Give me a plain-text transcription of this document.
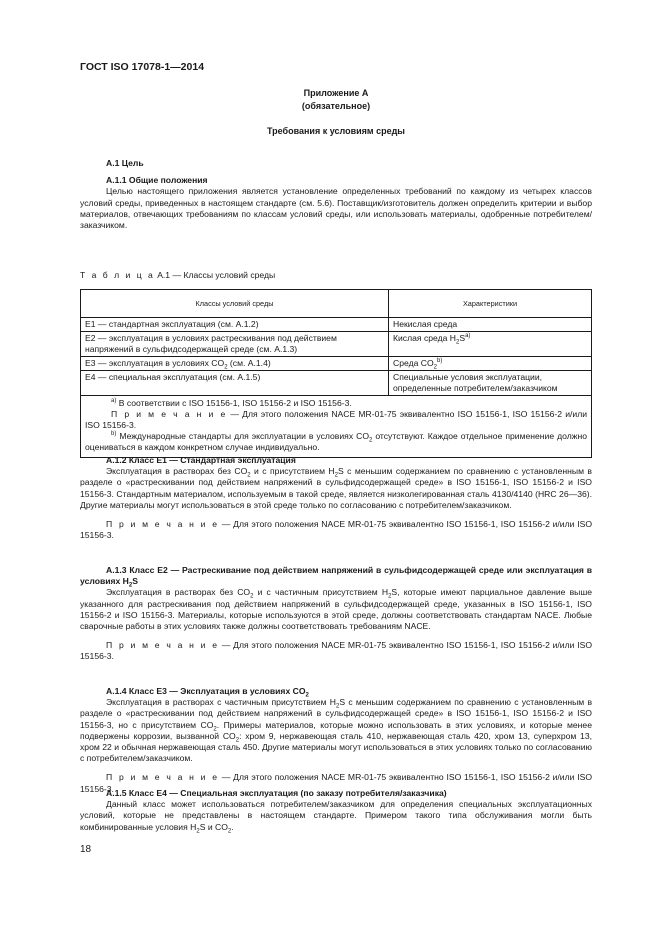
ГОСТ ISO 17078-1—2014
Приложение А
(обязательное)
Требования к условиям среды

А.1 Цель

А.1.1 Общие положения

Целью настоящего приложения является установление определенных требований по каждому из четырех классов условий среды, приведенных в настоящем стандарте (см. 5.6). Поставщик/изготовитель должен определить критерии и выбор материалов, отвечающих требованиям по классам условий среды, или использовать материалы, одобренные потребителем/заказчиком.

Т а б л и ц а А.1 — Классы условий среды

Классы условий среды	Характеристики
Е1 — стандартная эксплуатация (см. А.1.2)	Некислая среда
Е2 — эксплуатация в условиях растрескивания под действием напряжений в сульфидсодержащей среде (см. А.1.3)	Кислая среда $H_2S^{a)}$
Е3 — эксплуатация в условиях $CO_2$ (см. А.1.4)	Среда $CO_2^{b)}$
Е4 — специальная эксплуатация (см. А.1.5)	Специальные условия эксплуатации, определенные потребителем/заказчиком

$^{a)}$ В соответствии с ISO 15156-1, ISO 15156-2 и ISO 15156-3.

П р и м е ч а н и е — Для этого положения NACE MR-01-75 эквивалентно ISO 15156-1, ISO 15156-2 и/или ISO 15156-3.

$^{b)}$ Международные стандарты для эксплуатации в условиях $CO_2$ отсутствуют. Каждое отдельное применение должно оцениваться в каждом конкретном случае индивидуально.	

А.1.2 Класс Е1 — Стандартная эксплуатация

Эксплуатация в растворах без $CO_2$ и с присутствием $H_2S$ с меньшим содержанием по сравнению с установленным в разделе о «растрескивании под действием напряжений в сульфидсодержащей среде» в ISO 15156-1, ISO 15156-2 и ISO 15156-3. Стандартным материалом, используемым в такой среде, является низколегированная сталь 4130/4140 (HRC 26—36). Другие материалы могут использоваться в этой среде только по согласованию с потребителем/заказчиком.

П р и м е ч а н и е — Для этого положения NACE MR-01-75 эквивалентно ISO 15156-1, ISO 15156-2 и/или ISO 15156-3.

А.1.3 Класс Е2 — Растрескивание под действием напряжений в сульфидсодержащей среде или эксплуатация в условиях $H_2S$

Эксплуатация в растворах без $CO_2$ и с частичным присутствием $H_2S$, которые имеют парциальное давление выше указанного для растрескивания под действием напряжений в сульфидсодержащей среде, указанных в ISO 15156-1, ISO 15156-2 и ISO 15156-3. Материалы, которые используются в этой среде, должны соответствовать стандартам NACE. Любые сварочные работы в этих условиях также должны соответствовать требованиям NACE.

П р и м е ч а н и е — Для этого положения NACE MR-01-75 эквивалентно ISO 15156-1, ISO 15156-2 и/или ISO 15156-3.

А.1.4 Класс Е3 — Эксплуатация в условиях $CO_2$

Эксплуатация в растворах с частичным присутствием $H_2S$ с меньшим содержанием по сравнению с установленным в разделе о «растрескивании под действием напряжений в сульфидсодержащей среде» в ISO 15156-1, ISO 15156-2 и ISO 15156-3, но с присутствием $CO_2$. Примеры материалов, которые можно использовать в этих условиях, и которые менее подвержены коррозии, вызванной $CO_2$: хром 9, нержавеющая сталь 410, нержавеющая сталь 420, хром 13, суперхром 13, хром 22 и обычная нержавеющая сталь 450. Другие материалы могут использоваться в этих условиях только по согласованию с потребителем/заказчиком.

П р и м е ч а н и е — Для этого положения NACE MR-01-75 эквивалентно ISO 15156-1, ISO 15156-2 и/или ISO 15156-3.

А.1.5 Класс Е4 — Специальная эксплуатация (по заказу потребителя/заказчика)

Данный класс может использоваться потребителем/заказчиком для определения специальных эксплуатационных условий, которые не представлены в настоящем стандарте. Примером такого типа обслуживания могли быть комбинированные условия $H_2S$ и $CO_2$.

18
